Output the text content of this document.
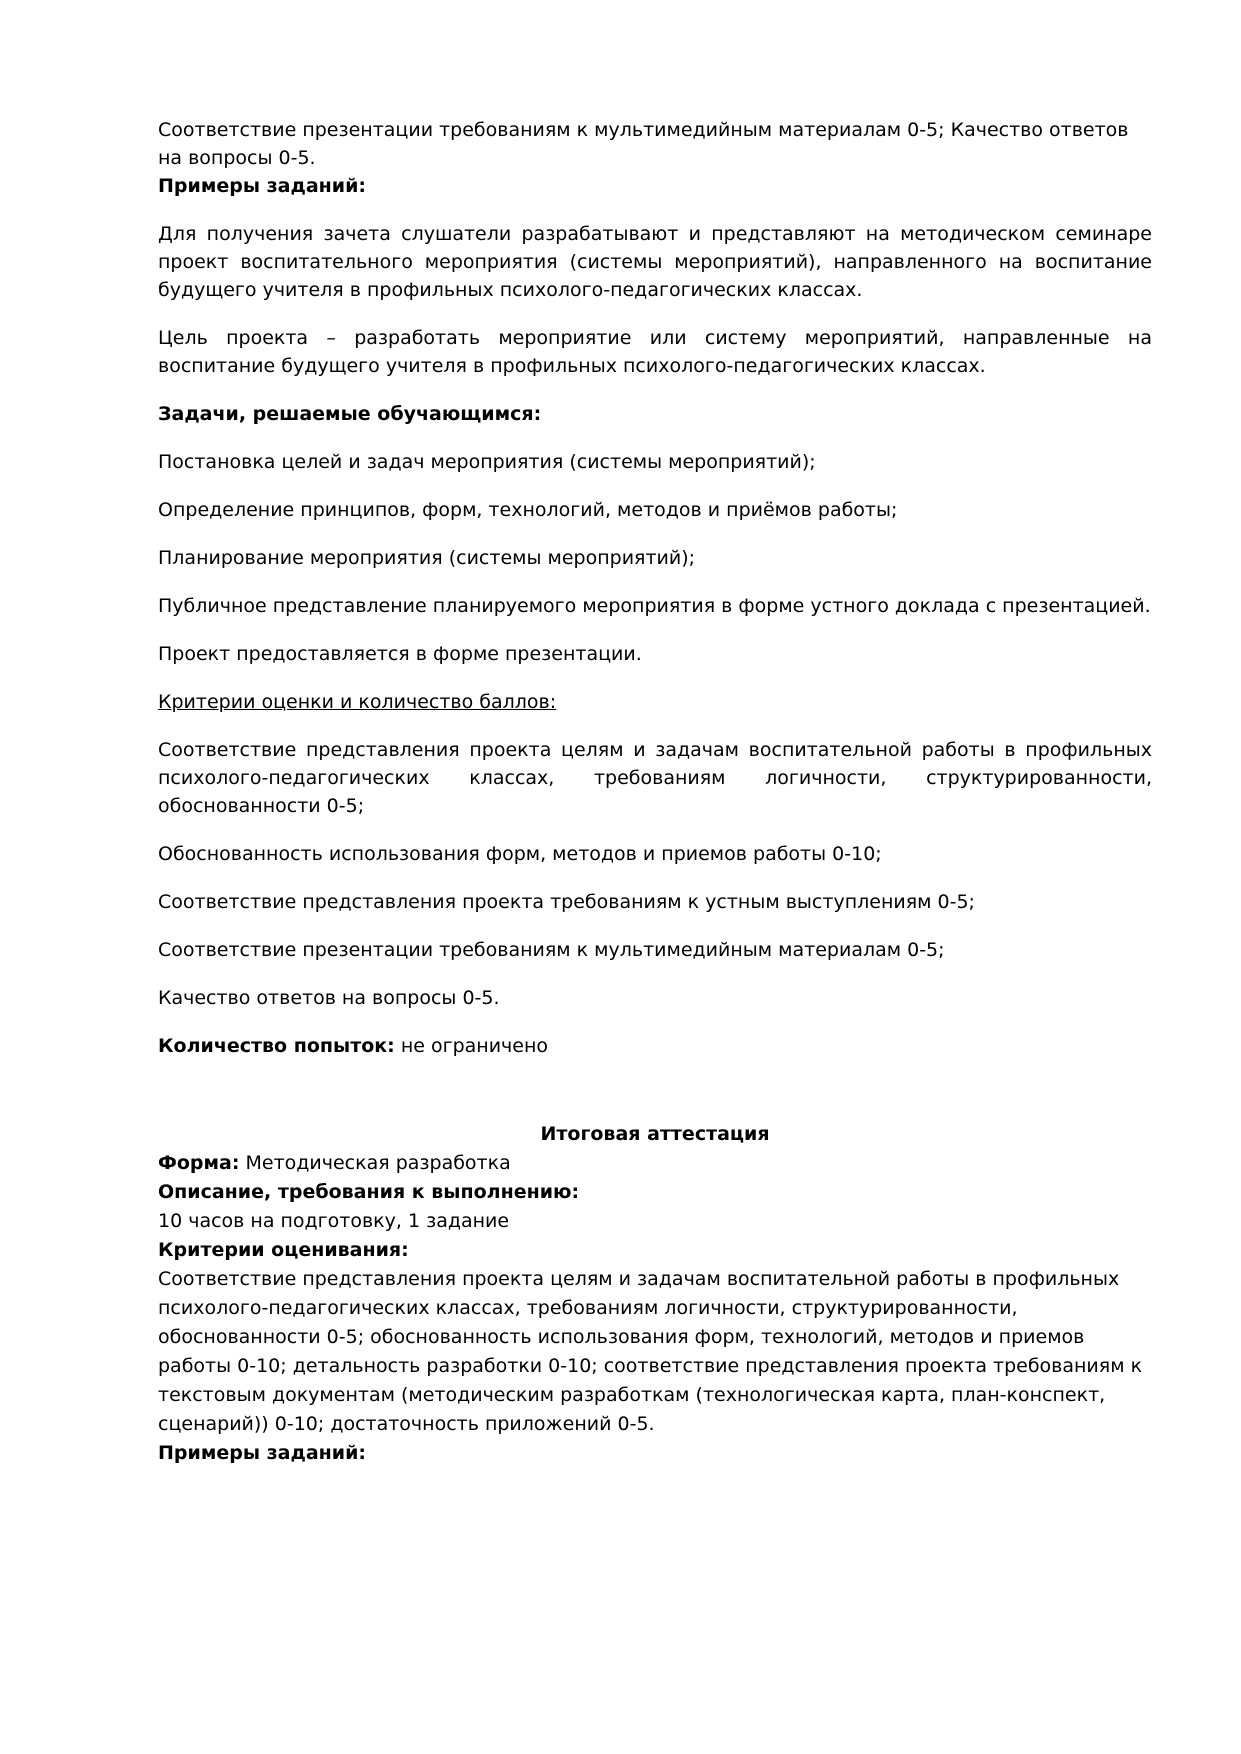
Соответствие презентации требованиям к мультимедийным материалам 0-5; Качество ответов на вопросы 0-5.

Примеры заданий:

Для получения зачета слушатели разрабатывают и представляют на методическом семинаре проект воспитательного мероприятия (системы мероприятий), направленного на воспитание будущего учителя в профильных психолого-педагогических классах.

Цель проекта – разработать мероприятие или систему мероприятий, направленные на воспитание будущего учителя в профильных психолого-педагогических классах.

Задачи, решаемые обучающимся:

Постановка целей и задач мероприятия (системы мероприятий);

Определение принципов, форм, технологий, методов и приёмов работы;

Планирование мероприятия (системы мероприятий);

Публичное представление планируемого мероприятия в форме устного доклада с презентацией.

Проект предоставляется в форме презентации.

Критерии оценки и количество баллов:

Соответствие представления проекта целям и задачам воспитательной работы в профильных психолого-педагогических классах, требованиям логичности, структурированности, обоснованности 0-5;

Обоснованность использования форм, методов и приемов работы 0-10;

Соответствие представления проекта требованиям к устным выступлениям 0-5;

Соответствие презентации требованиям к мультимедийным материалам 0-5;

Качество ответов на вопросы 0-5.

Количество попыток: не ограничено

Итоговая аттестация

Форма: Методическая разработка

Описание, требования к выполнению:

10 часов на подготовку, 1 задание

Критерии оценивания:

Соответствие представления проекта целям и задачам воспитательной работы в профильных психолого-педагогических классах, требованиям логичности, структурированности, обоснованности 0-5; обоснованность использования форм, технологий, методов и приемов работы 0-10; детальность разработки 0-10; соответствие представления проекта требованиям к текстовым документам (методическим разработкам (технологическая карта, план-конспект, сценарий)) 0-10; достаточность приложений 0-5.

Примеры заданий:
